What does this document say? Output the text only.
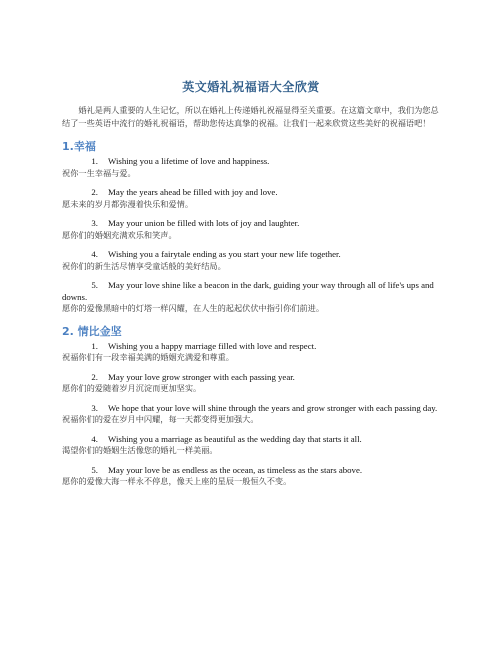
英文婚礼祝福语大全欣赏
婚礼是两人重要的人生记忆，所以在婚礼上传递婚礼祝福显得至关重要。在这篇文章中，我们为您总结了一些英语中流行的婚礼祝福语，帮助您传达真挚的祝福。让我们一起来欣赏这些美好的祝福语吧！
1.幸福
1. Wishing you a lifetime of love and happiness.
祝你一生幸福与爱。
2. May the years ahead be filled with joy and love.
愿未来的岁月都弥漫着快乐和爱情。
3. May your union be filled with lots of joy and laughter.
愿你们的婚姻充满欢乐和笑声。
4. Wishing you a fairytale ending as you start your new life together.
祝你们的新生活尽情享受童话般的美好结局。
5. May your love shine like a beacon in the dark, guiding your way through all of life's ups and downs.
愿你的爱像黑暗中的灯塔一样闪耀，在人生的起起伏伏中指引你们前进。
2. 情比金坚
1. Wishing you a happy marriage filled with love and respect.
祝福你们有一段幸福美满的婚姻充满爱和尊重。
2. May your love grow stronger with each passing year.
愿你们的爱随着岁月沉淀而更加坚实。
3. We hope that your love will shine through the years and grow stronger with each passing day.
祝福你们的爱在岁月中闪耀，每一天都变得更加强大。
4. Wishing you a marriage as beautiful as the wedding day that starts it all.
渴望你们的婚姻生活像您的婚礼一样美丽。
5. May your love be as endless as the ocean, as timeless as the stars above.
愿你的爱像大海一样永不停息，像天上座的星辰一般恒久不变。
